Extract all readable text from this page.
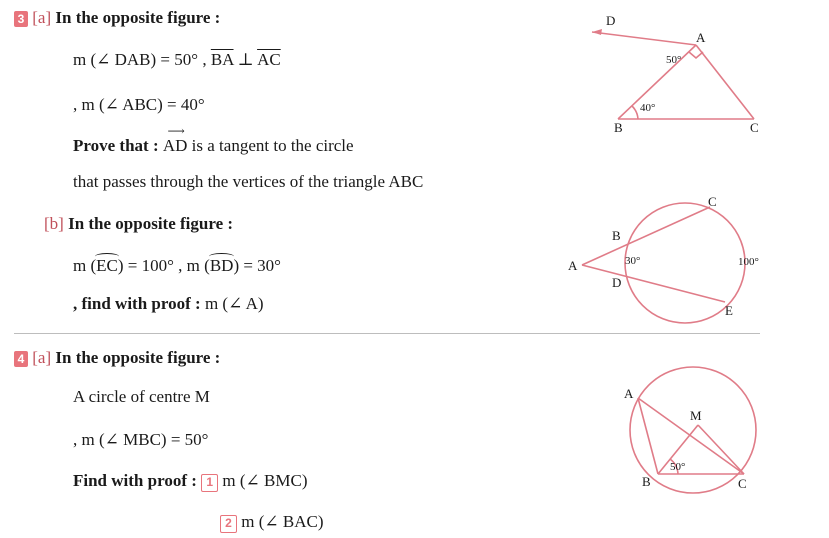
3 [a] In the opposite figure :
m (∠ DAB) = 50° , $\overline{BA}$ ⊥ $\overline{AC}$
, m (∠ ABC) = 40°
Prove that :
⟶
AD is a tangent to the circle
that passes through the vertices of the triangle ABC
D
A
B	C
50°
40°
[b] In the opposite figure :
m (
EC) = 100° , m (
BD) = 30°
, find with proof : m (∠ A)
A
B
C
D
E
30°	100°
4 [a] In the opposite figure :
A circle of centre M
, m (∠ MBC) = 50°
Find with proof : 1 m (∠ BMC)
2 m (∠ BAC)
A
M
B	C
50°
